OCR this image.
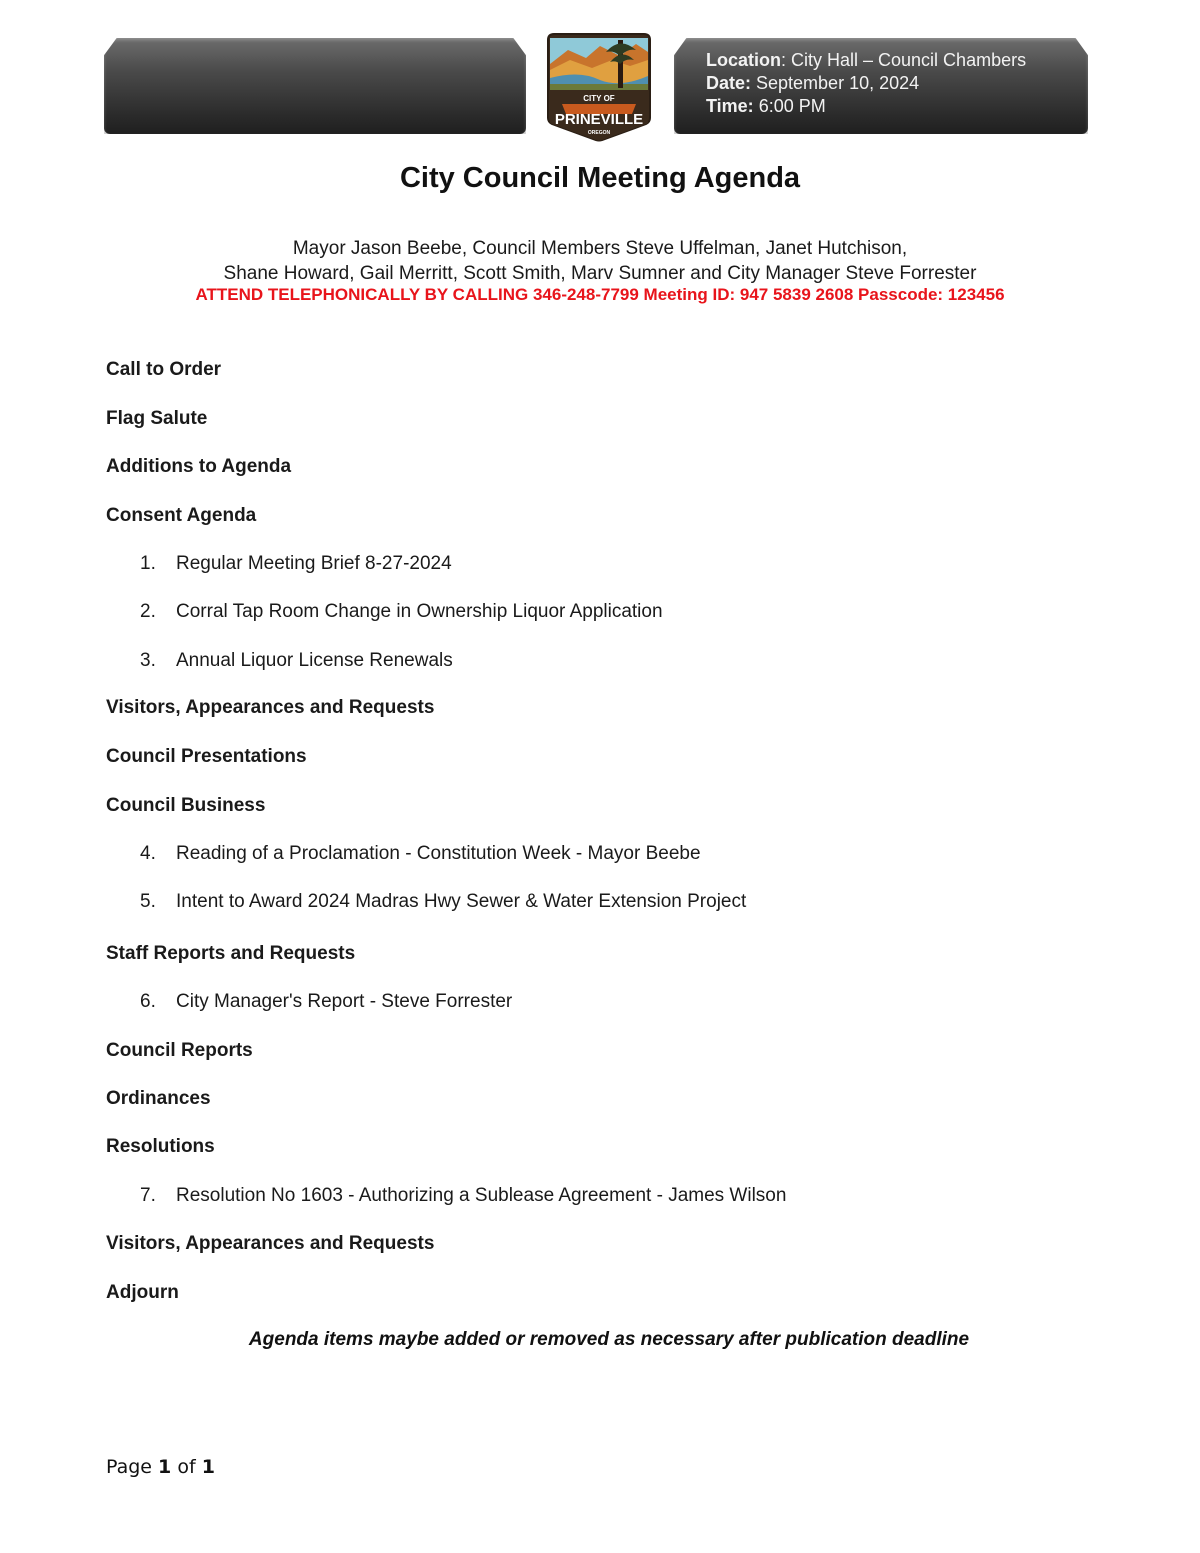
Location: City Hall – Council Chambers
Date: September 10, 2024
Time: 6:00 PM
CITY OF
PRINEVILLE
OREGON
City Council Meeting Agenda
Mayor Jason Beebe, Council Members Steve Uffelman, Janet Hutchison,
Shane Howard, Gail Merritt, Scott Smith, Marv Sumner and City Manager Steve Forrester
ATTEND TELEPHONICALLY BY CALLING 346-248-7799 Meeting ID: 947 5839 2608 Passcode: 123456
Call to Order
Flag Salute
Additions to Agenda
Consent Agenda
1. Regular Meeting Brief 8-27-2024
2. Corral Tap Room Change in Ownership Liquor Application
3. Annual Liquor License Renewals
Visitors, Appearances and Requests
Council Presentations
Council Business
4. Reading of a Proclamation - Constitution Week - Mayor Beebe
5. Intent to Award 2024 Madras Hwy Sewer & Water Extension Project
Staff Reports and Requests
6. City Manager's Report - Steve Forrester
Council Reports
Ordinances
Resolutions
7. Resolution No 1603 - Authorizing a Sublease Agreement - James Wilson
Visitors, Appearances and Requests
Adjourn
Agenda items maybe added or removed as necessary after publication deadline
Page 1 of 1
